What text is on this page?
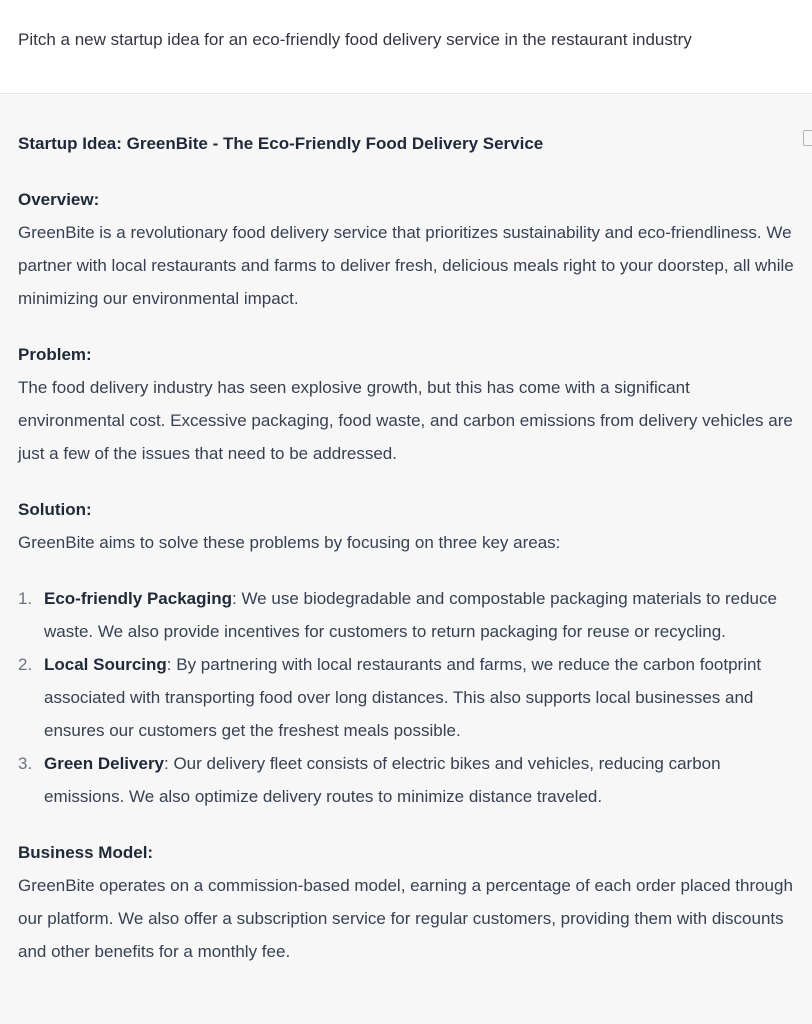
Pitch a new startup idea for an eco-friendly food delivery service in the restaurant industry
Startup Idea: GreenBite - The Eco-Friendly Food Delivery Service
Overview:

GreenBite is a revolutionary food delivery service that prioritizes sustainability and eco-friendliness. We partner with local restaurants and farms to deliver fresh, delicious meals right to your doorstep, all while minimizing our environmental impact.

Problem:

The food delivery industry has seen explosive growth, but this has come with a significant environmental cost. Excessive packaging, food waste, and carbon emissions from delivery vehicles are just a few of the issues that need to be addressed.

Solution:

GreenBite aims to solve these problems by focusing on three key areas:

1. Eco-friendly Packaging: We use biodegradable and compostable packaging materials to reduce waste. We also provide incentives for customers to return packaging for reuse or recycling.
2. Local Sourcing: By partnering with local restaurants and farms, we reduce the carbon footprint associated with transporting food over long distances. This also supports local businesses and ensures our customers get the freshest meals possible.
3. Green Delivery: Our delivery fleet consists of electric bikes and vehicles, reducing carbon emissions. We also optimize delivery routes to minimize distance traveled.
Business Model:

GreenBite operates on a commission-based model, earning a percentage of each order placed through our platform. We also offer a subscription service for regular customers, providing them with discounts and other benefits for a monthly fee.
